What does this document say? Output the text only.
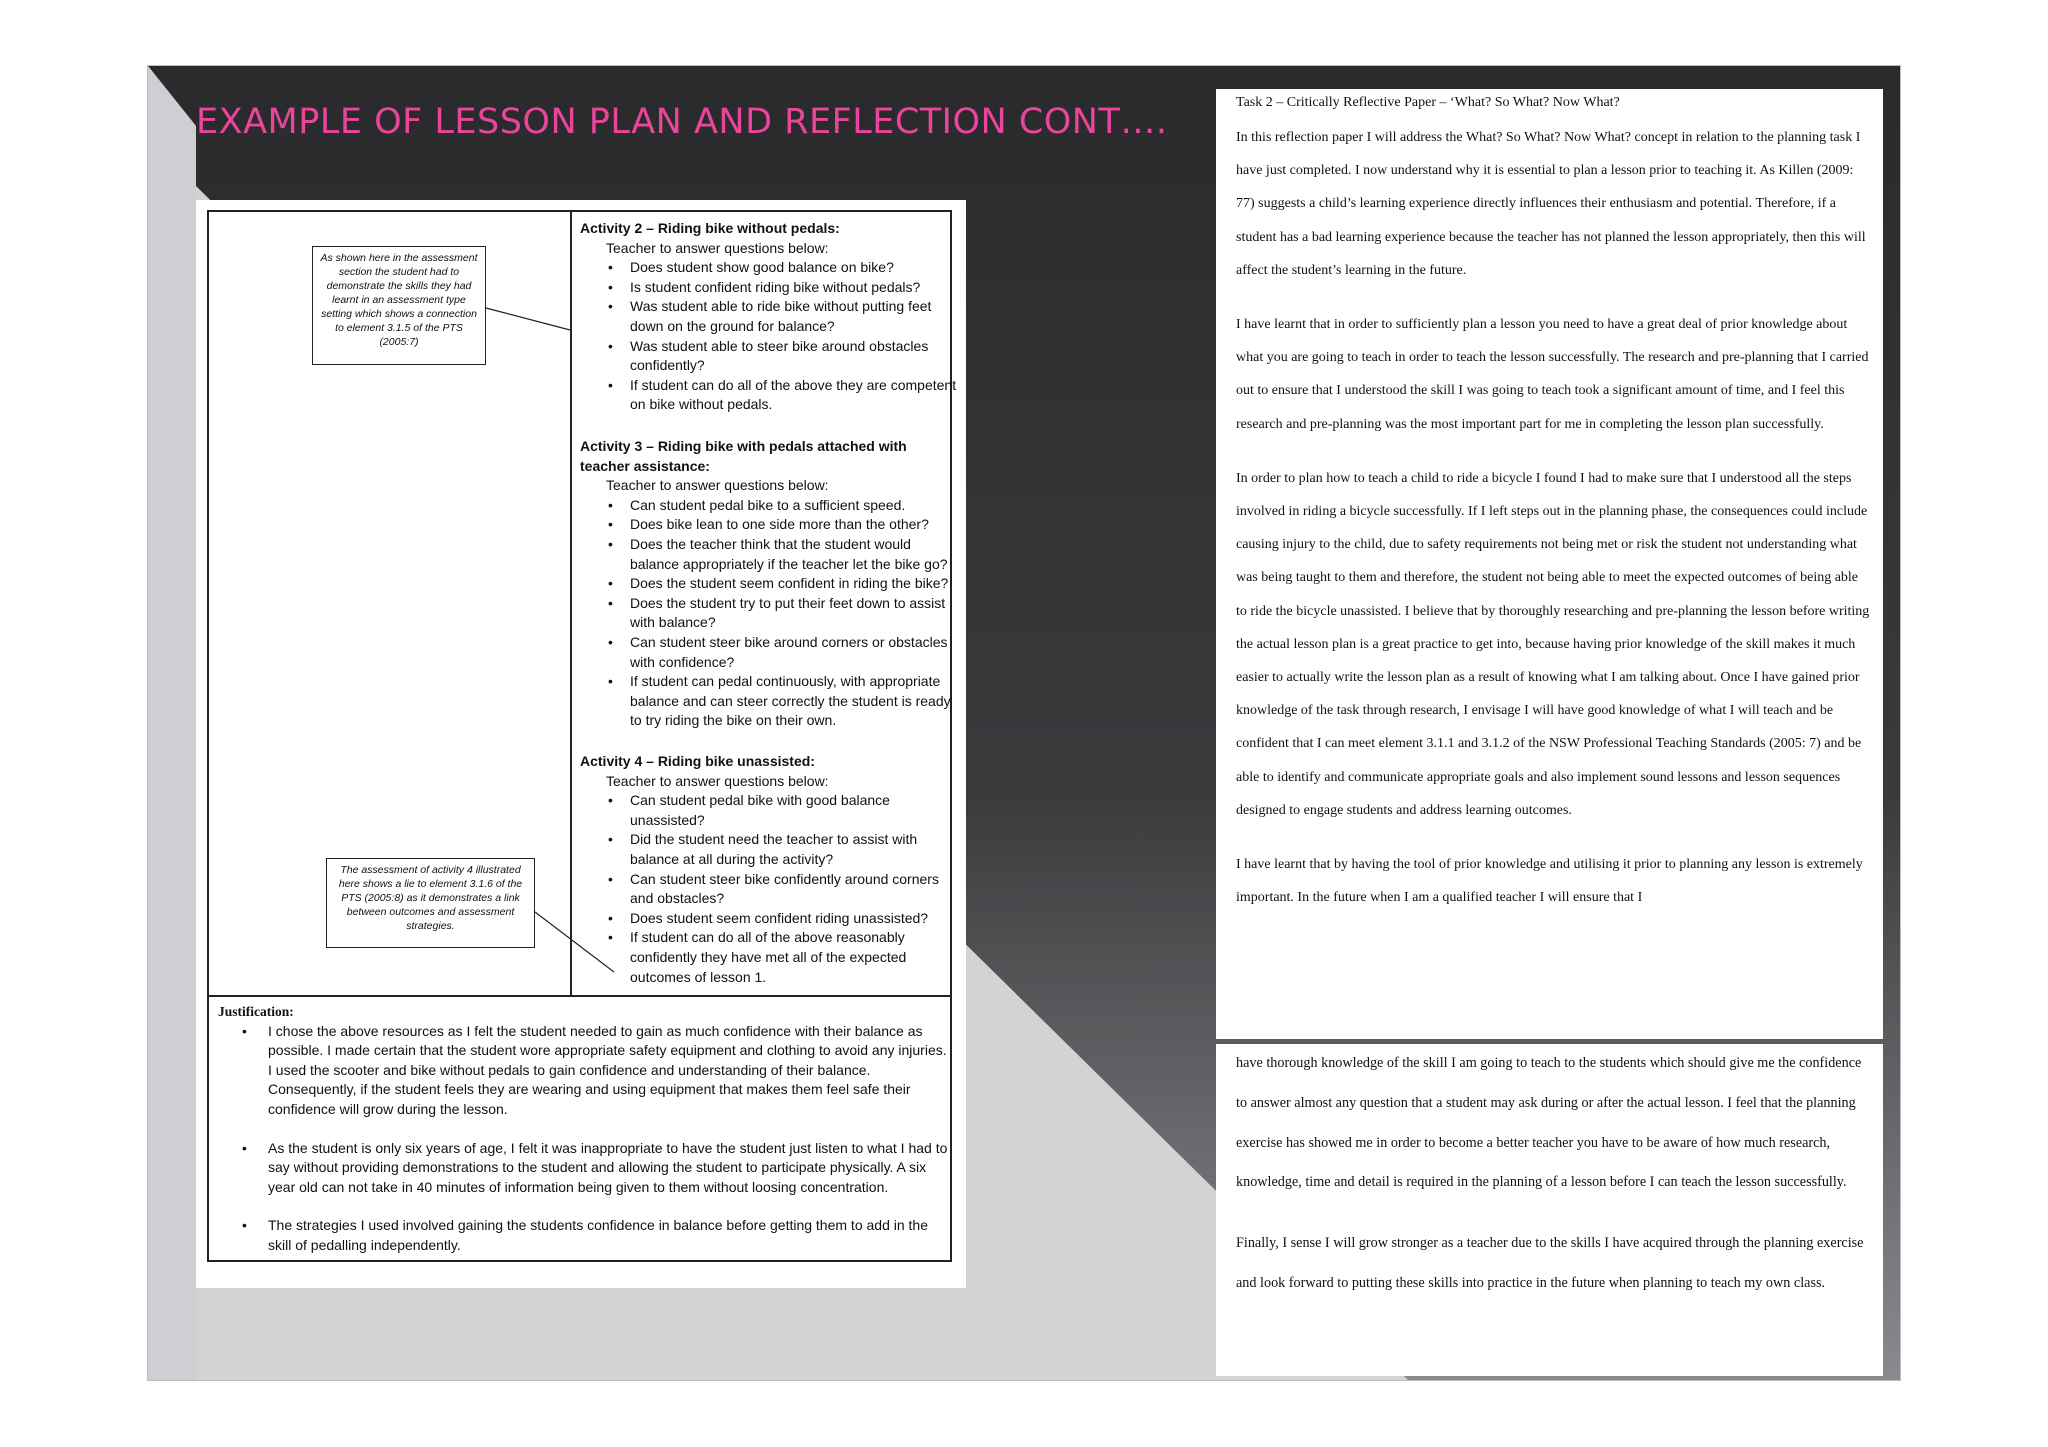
EXAMPLE OF LESSON PLAN AND REFLECTION CONT….
As shown here in the assessment section the student had to demonstrate the skills they had learnt in an assessment type setting which shows a connection to element 3.1.5 of the PTS (2005:7)
The assessment of activity 4 illustrated here shows a lie to element 3.1.6 of the PTS (2005:8) as it demonstrates a link between outcomes and assessment strategies.
Activity 2 – Riding bike without pedals:
Teacher to answer questions below:
• Does student show good balance on bike?
• Is student confident riding bike without pedals?
• Was student able to ride bike without putting feet down on the ground for balance?
• Was student able to steer bike around obstacles confidently?
• If student can do all of the above they are competent on bike without pedals.
Activity 3 – Riding bike with pedals attached with teacher assistance:
Teacher to answer questions below:
• Can student pedal bike to a sufficient speed.
• Does bike lean to one side more than the other?
• Does the teacher think that the student would balance appropriately if the teacher let the bike go?
• Does the student seem confident in riding the bike?
• Does the student try to put their feet down to assist with balance?
• Can student steer bike around corners or obstacles with confidence?
• If student can pedal continuously, with appropriate balance and can steer correctly the student is ready to try riding the bike on their own.
Activity 4 – Riding bike unassisted:
Teacher to answer questions below:
• Can student pedal bike with good balance unassisted?
• Did the student need the teacher to assist with balance at all during the activity?
• Can student steer bike confidently around corners and obstacles?
• Does student seem confident riding unassisted?
• If student can do all of the above reasonably confidently they have met all of the expected outcomes of lesson 1.
Justification:
• I chose the above resources as I felt the student needed to gain as much confidence with their balance as possible. I made certain that the student wore appropriate safety equipment and clothing to avoid any injuries. I used the scooter and bike without pedals to gain confidence and understanding of their balance. Consequently, if the student feels they are wearing and using equipment that makes them feel safe their confidence will grow during the lesson.
• As the student is only six years of age, I felt it was inappropriate to have the student just listen to what I had to say without providing demonstrations to the student and allowing the student to participate physically. A six year old can not take in 40 minutes of information being given to them without loosing concentration.
• The strategies I used involved gaining the students confidence in balance before getting them to add in the skill of pedalling independently.
Task 2 – Critically Reflective Paper – ‘What? So What? Now What?

In this reflection paper I will address the What? So What? Now What? concept in relation to the planning task I have just completed. I now understand why it is essential to plan a lesson prior to teaching it. As Killen (2009: 77) suggests a child’s learning experience directly influences their enthusiasm and potential. Therefore, if a student has a bad learning experience because the teacher has not planned the lesson appropriately, then this will affect the student’s learning in the future.

I have learnt that in order to sufficiently plan a lesson you need to have a great deal of prior knowledge about what you are going to teach in order to teach the lesson successfully. The research and pre-planning that I carried out to ensure that I understood the skill I was going to teach took a significant amount of time, and I feel this research and pre-planning was the most important part for me in completing the lesson plan successfully.

In order to plan how to teach a child to ride a bicycle I found I had to make sure that I understood all the steps involved in riding a bicycle successfully. If I left steps out in the planning phase, the consequences could include causing injury to the child, due to safety requirements not being met or risk the student not understanding what was being taught to them and therefore, the student not being able to meet the expected outcomes of being able to ride the bicycle unassisted. I believe that by thoroughly researching and pre-planning the lesson before writing the actual lesson plan is a great practice to get into, because having prior knowledge of the skill makes it much easier to actually write the lesson plan as a result of knowing what I am talking about. Once I have gained prior knowledge of the task through research, I envisage I will have good knowledge of what I will teach and be confident that I can meet element 3.1.1 and 3.1.2 of the NSW Professional Teaching Standards (2005: 7) and be able to identify and communicate appropriate goals and also implement sound lessons and lesson sequences designed to engage students and address learning outcomes.

I have learnt that by having the tool of prior knowledge and utilising it prior to planning any lesson is extremely important. In the future when I am a qualified teacher I will ensure that I

have thorough knowledge of the skill I am going to teach to the students which should give me the confidence to answer almost any question that a student may ask during or after the actual lesson. I feel that the planning exercise has showed me in order to become a better teacher you have to be aware of how much research, knowledge, time and detail is required in the planning of a lesson before I can teach the lesson successfully.

Finally, I sense I will grow stronger as a teacher due to the skills I have acquired through the planning exercise and look forward to putting these skills into practice in the future when planning to teach my own class.
